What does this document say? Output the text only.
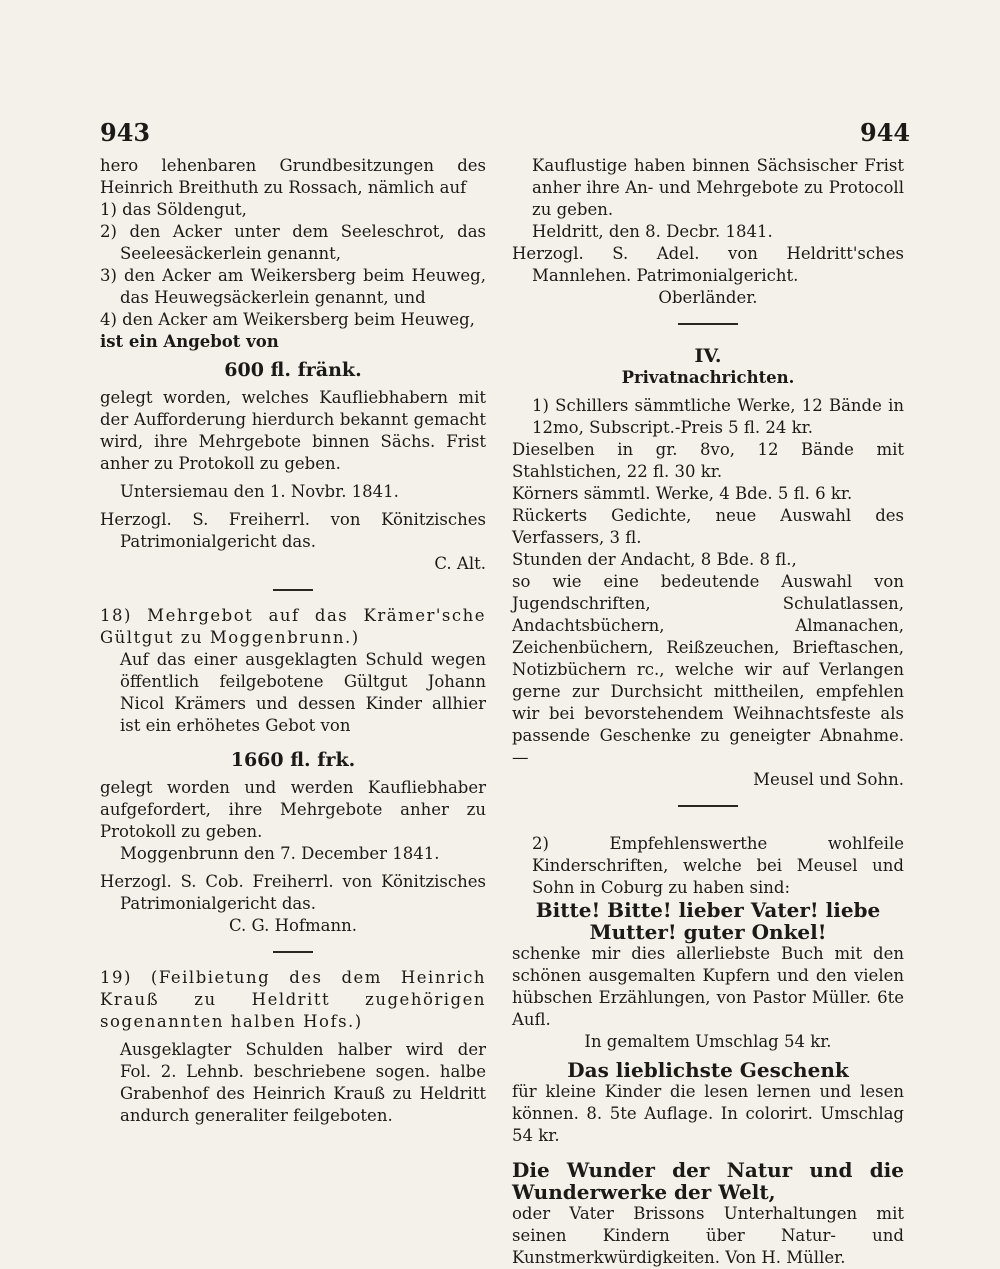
943	944

hero lehenbaren Grundbesitzungen des Heinrich Breithuth zu Rossach, nämlich auf

1) das Söldengut,

2) den Acker unter dem Seeleschrot, das Seeleesäckerlein genannt,

3) den Acker am Weikersberg beim Heuweg, das Heuwegsäckerlein genannt, und

4) den Acker am Weikersberg beim Heuweg,

ist ein Angebot von

600 fl. fränk.

gelegt worden, welches Kaufliebhabern mit der Aufforderung hierdurch bekannt gemacht wird, ihre Mehrgebote binnen Sächs. Frist anher zu Protokoll zu geben.

Untersiemau den 1. Novbr. 1841.

Herzogl. S. Freiherrl. von Könitzisches Patrimonialgericht das.

C. Alt.

18) Mehrgebot auf das Krämer'sche Gültgut zu Moggenbrunn.)

Auf das einer ausgeklagten Schuld wegen öffentlich feilgebotene Gültgut Johann Nicol Krämers und dessen Kinder allhier ist ein erhöhetes Gebot von

1660 fl. frk.

gelegt worden und werden Kaufliebhaber aufgefordert, ihre Mehrgebote anher zu Protokoll zu geben.

Moggenbrunn den 7. December 1841.

Herzogl. S. Cob. Freiherrl. von Könitzisches Patrimonialgericht das.

C. G. Hofmann.

19) (Feilbietung des dem Heinrich Krauß zu Heldritt zugehörigen sogenannten halben Hofs.)

Ausgeklagter Schulden halber wird der Fol. 2. Lehnb. beschriebene sogen. halbe Grabenhof des Heinrich Krauß zu Heldritt andurch generaliter feilgeboten.

Kauflustige haben binnen Sächsischer Frist anher ihre An- und Mehrgebote zu Protocoll zu geben.

Heldritt, den 8. Decbr. 1841.

Herzogl. S. Adel. von Heldritt'sches Mannlehen. Patrimonialgericht.

Oberländer.

IV.

Privatnachrichten.

1) Schillers sämmtliche Werke, 12 Bände in 12mo, Subscript.-Preis 5 fl. 24 kr.

Dieselben in gr. 8vo, 12 Bände mit Stahlstichen, 22 fl. 30 kr.

Körners sämmtl. Werke, 4 Bde. 5 fl. 6 kr.

Rückerts Gedichte, neue Auswahl des Verfassers, 3 fl.

Stunden der Andacht, 8 Bde. 8 fl.,

so wie eine bedeutende Auswahl von Jugendschriften, Schulatlassen, Andachtsbüchern, Almanachen, Zeichenbüchern, Reißzeuchen, Brieftaschen, Notizbüchern rc., welche wir auf Verlangen gerne zur Durchsicht mittheilen, empfehlen wir bei bevorstehendem Weihnachtsfeste als passende Geschenke zu geneigter Abnahme. —

Meusel und Sohn.

2) Empfehlenswerthe wohlfeile Kinderschriften, welche bei Meusel und Sohn in Coburg zu haben sind:

Bitte! Bitte! lieber Vater! liebe Mutter! guter Onkel!

schenke mir dies allerliebste Buch mit den schönen ausgemalten Kupfern und den vielen hübschen Erzählungen, von Pastor Müller. 6te Aufl.

In gemaltem Umschlag 54 kr.

Das lieblichste Geschenk

für kleine Kinder die lesen lernen und lesen können. 8. 5te Auflage. In colorirt. Umschlag 54 kr.

Die Wunder der Natur und die Wunderwerke der Welt,

oder Vater Brissons Unterhaltungen mit seinen Kindern über Natur- und Kunstmerkwürdigkeiten. Von H. Müller.
